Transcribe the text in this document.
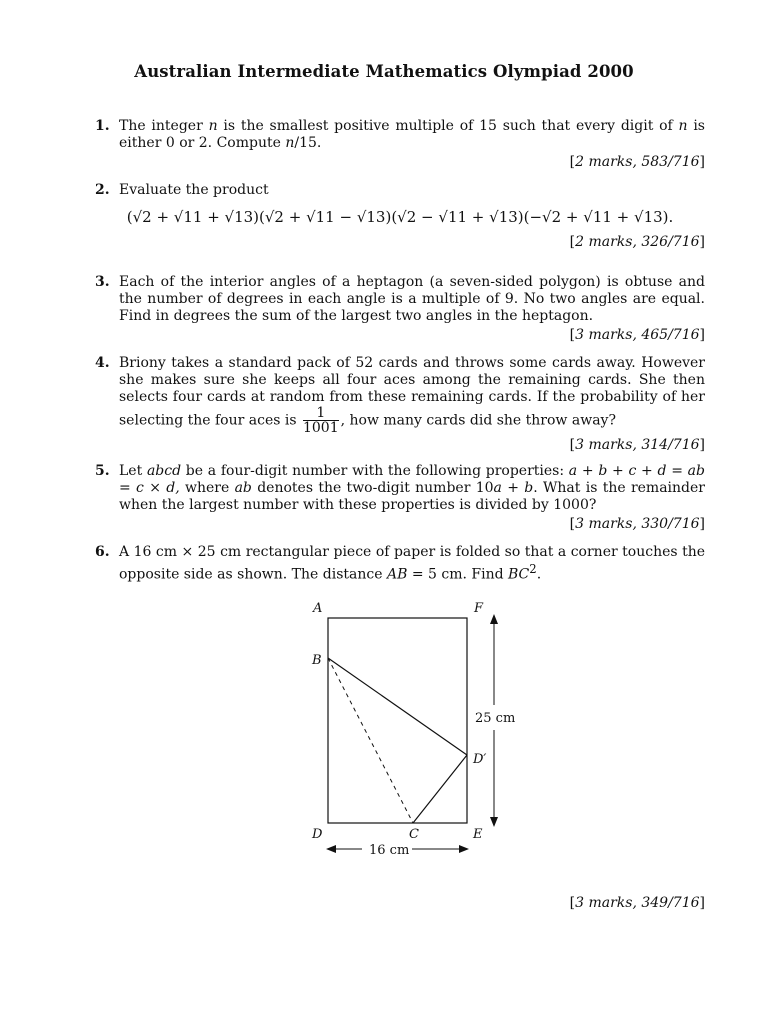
Australian Intermediate Mathematics Olympiad 2000
1. The integer n is the smallest positive multiple of 15 such that every digit of n is either 0 or 2. Compute n/15.
[2 marks, 583/716]
2. Evaluate the product
(√2 + √11 + √13)(√2 + √11 − √13)(√2 − √11 + √13)(−√2 + √11 + √13).
[2 marks, 326/716]
3. Each of the interior angles of a heptagon (a seven-sided polygon) is obtuse and the number of degrees in each angle is a multiple of 9. No two angles are equal. Find in degrees the sum of the largest two angles in the heptagon.
[3 marks, 465/716]
4. Briony takes a standard pack of 52 cards and throws some cards away. However she makes sure she keeps all four aces among the remaining cards. She then selects four cards at random from these remaining cards. If the probability of her selecting the four aces is $\frac{1}{1001}$ , how many cards did she throw away?
[3 marks, 314/716]
5. Let abcd be a four-digit number with the following properties: a + b + c + d = ab = c × d, where ab denotes the two-digit number 10a + b. What is the remainder when the largest number with these properties is divided by 1000?
[3 marks, 330/716]
6. A 16 cm × 25 cm rectangular piece of paper is folded so that a corner touches the opposite side as shown. The distance AB = 5 cm. Find $BC^2$.
A	F
B
D′
D	C	E
25 cm
16 cm
[3 marks, 349/716]
